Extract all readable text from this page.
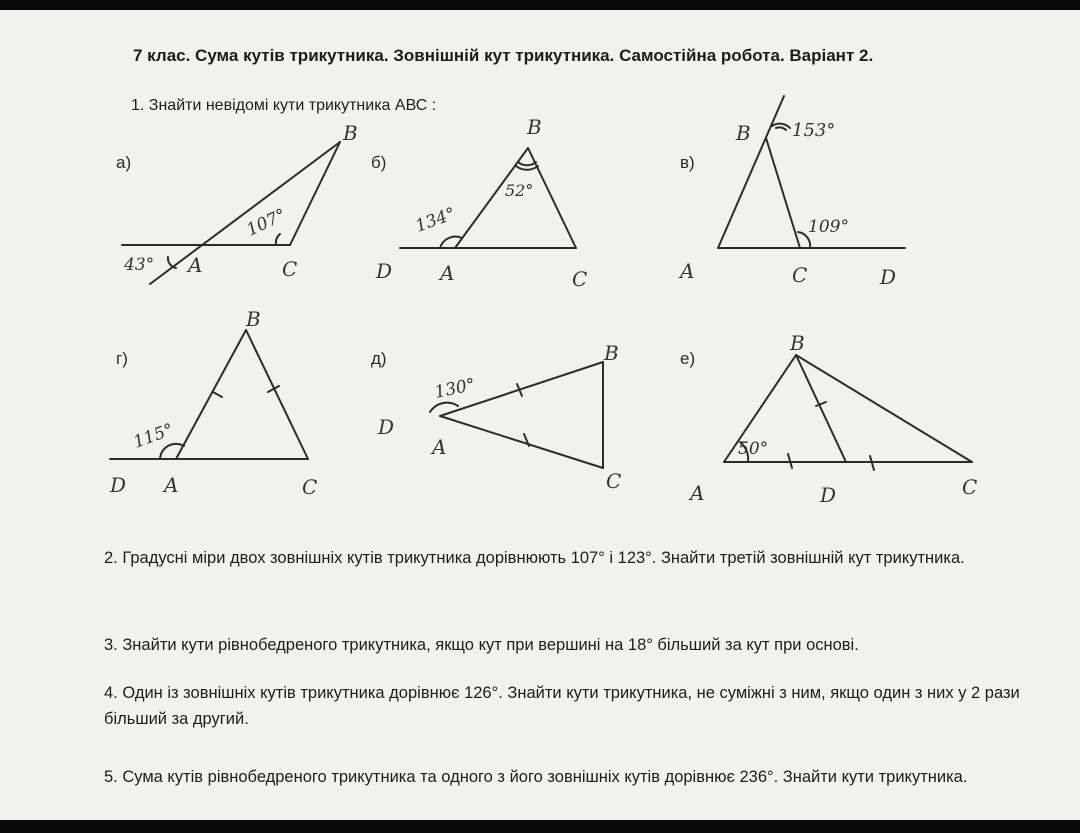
7 клас. Сума кутів трикутника. Зовнішній кут трикутника. Самостійна робота. Варіант 2.
1. Знайти невідомі кути трикутника АВС :
а)	б)	в)
г)	д)	е)
B
A	C
107°
43°
B
D A	C
134°
52°
B
A	C	D
153°
109°
B
D A	C
115°
B
D
A
C
130°
B
A	D	C
50°
2. Градусні міри двох зовнішніх кутів трикутника дорівнюють 107° і 123°. Знайти третій зовнішній кут трикутника.
3. Знайти кути рівнобедреного трикутника, якщо кут при вершині на 18° більший за кут при основі.
4. Один із зовнішніх кутів трикутника дорівнює 126°. Знайти кути трикутника, не суміжні з ним, якщо один з них у 2 рази більший за другий.
5. Сума кутів рівнобедреного трикутника та одного з його зовнішніх кутів дорівнює 236°. Знайти кути трикутника.
